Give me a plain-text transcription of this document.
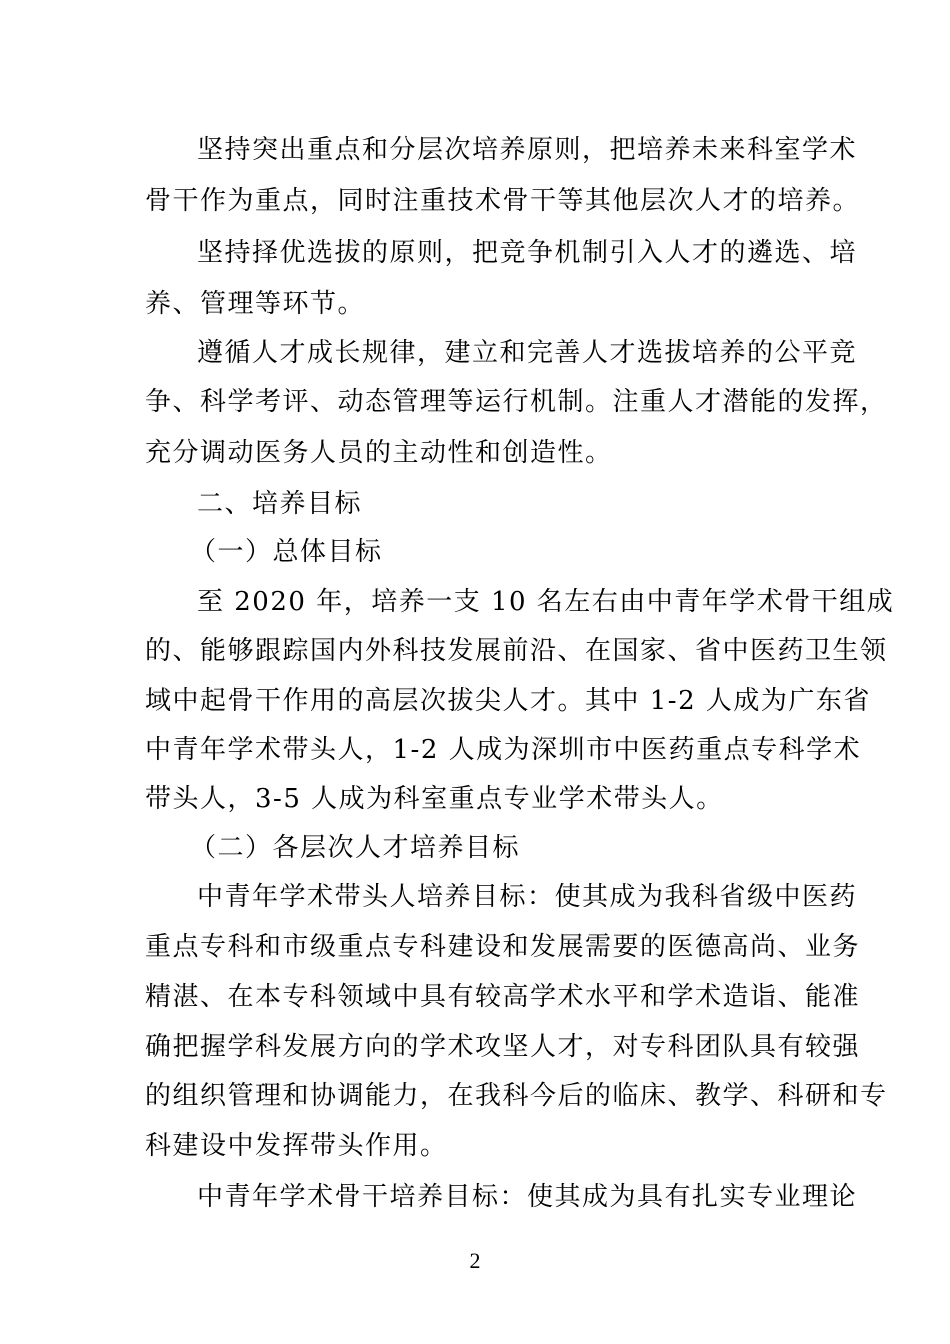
坚持突出重点和分层次培养原则，把培养未来科室学术
骨干作为重点，同时注重技术骨干等其他层次人才的培养。
坚持择优选拔的原则，把竞争机制引入人才的遴选、培
养、管理等环节。
遵循人才成长规律，建立和完善人才选拔培养的公平竞
争、科学考评、动态管理等运行机制。注重人才潜能的发挥，
充分调动医务人员的主动性和创造性。
二、培养目标
（一）总体目标
至 2020 年，培养一支 10 名左右由中青年学术骨干组成
的、能够跟踪国内外科技发展前沿、在国家、省中医药卫生领
域中起骨干作用的高层次拔尖人才。其中 1-2 人成为广东省
中青年学术带头人，1-2 人成为深圳市中医药重点专科学术
带头人，3-5 人成为科室重点专业学术带头人。
（二）各层次人才培养目标
中青年学术带头人培养目标：使其成为我科省级中医药
重点专科和市级重点专科建设和发展需要的医德高尚、业务
精湛、在本专科领域中具有较高学术水平和学术造诣、能准
确把握学科发展方向的学术攻坚人才，对专科团队具有较强
的组织管理和协调能力，在我科今后的临床、教学、科研和专
科建设中发挥带头作用。
中青年学术骨干培养目标：使其成为具有扎实专业理论
2
